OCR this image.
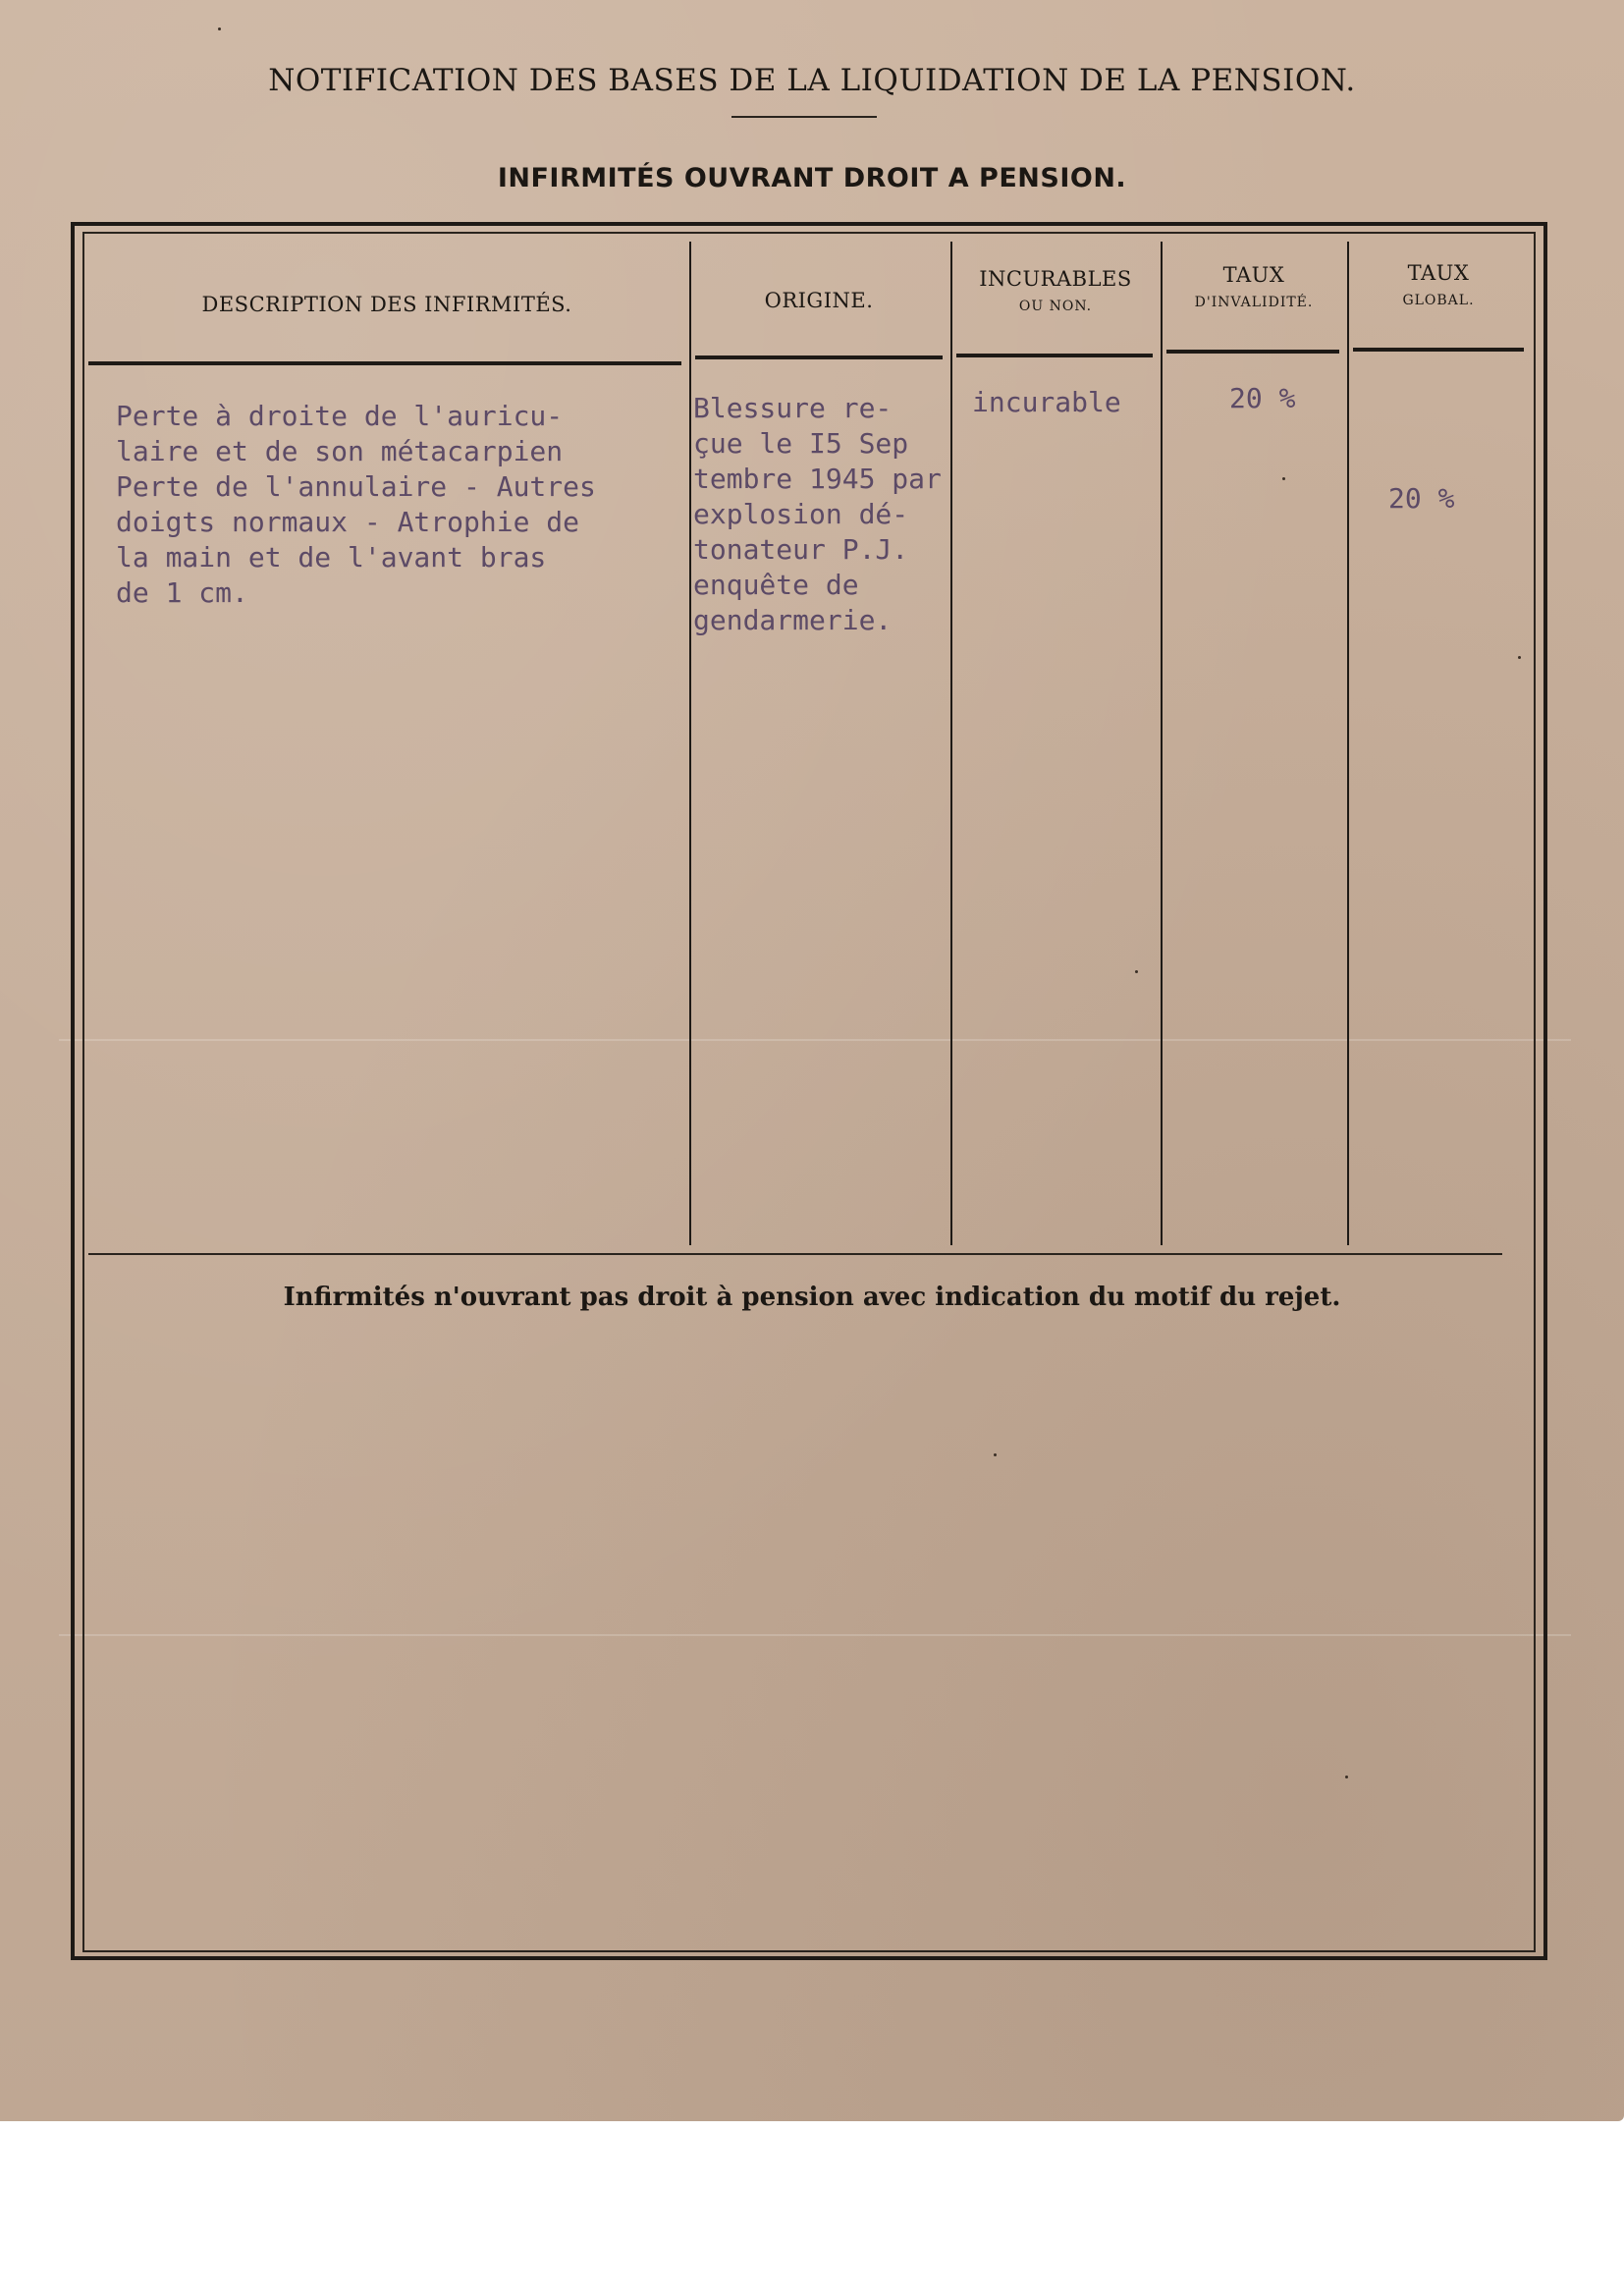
NOTIFICATION DES BASES DE LA LIQUIDATION DE LA PENSION.
INFIRMITÉS OUVRANT DROIT A PENSION.
DESCRIPTION DES INFIRMITÉS.	ORIGINE.
INCURABLES
OU NON.
TAUX
D'INVALIDITÉ.
TAUX
GLOBAL.
Perte à droite de l'auricu-
laire et de son métacarpien
Perte de l'annulaire - Autres
doigts normaux - Atrophie de
la main et de l'avant bras
de 1 cm.
Blessure re-
çue le I5 Sep
tembre 1945 par
explosion dé-
tonateur P.J.
enquête de
gendarmerie.
incurable	20 %
20 %
Infirmités n'ouvrant pas droit à pension avec indication du motif du rejet.
